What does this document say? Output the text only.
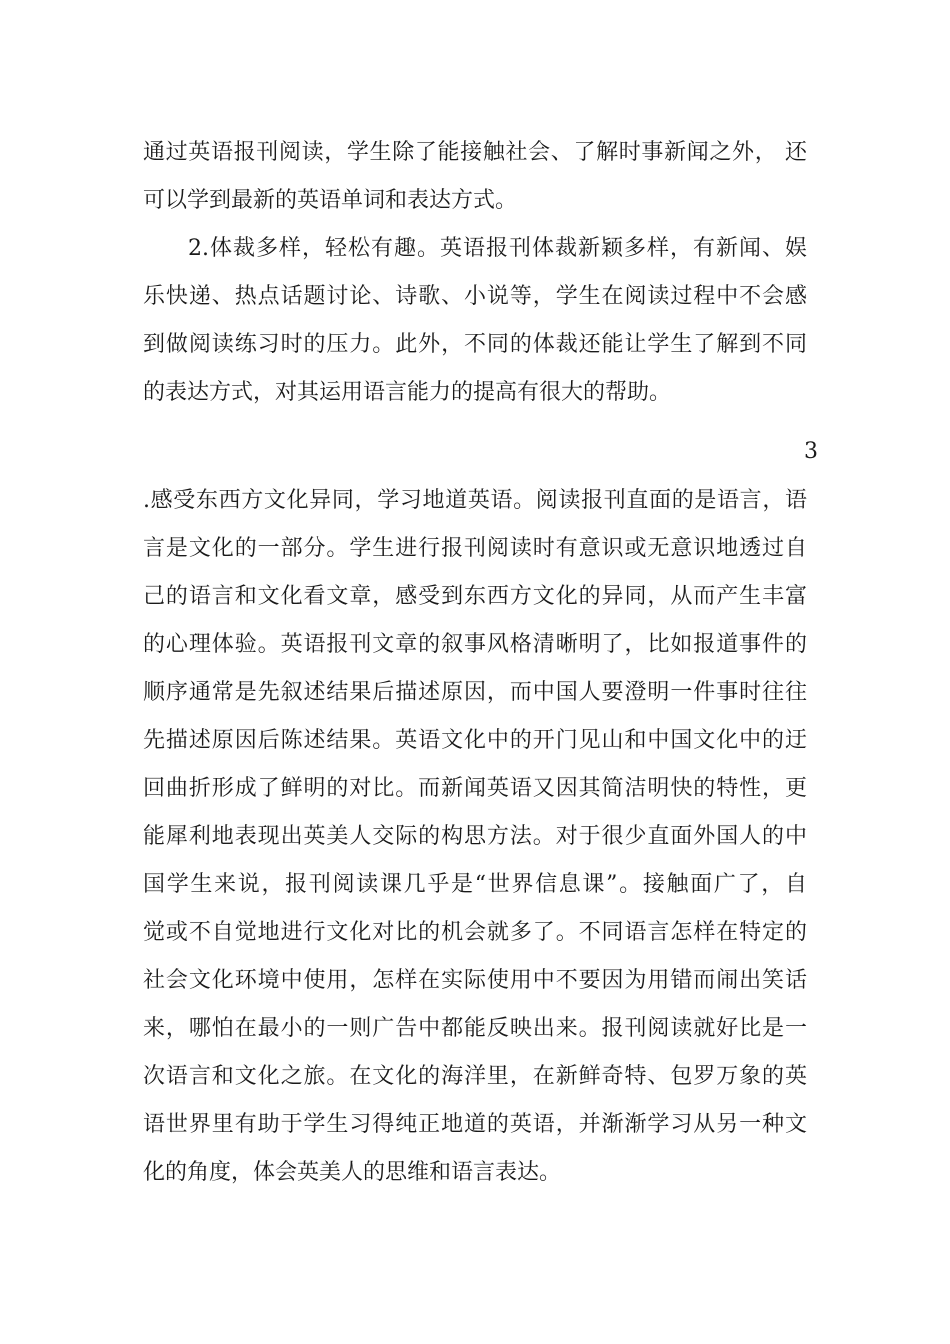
通过英语报刊阅读，学生除了能接触社会、了解时事新闻之外， 还
可以学到最新的英语单词和表达方式。
2.体裁多样，轻松有趣。英语报刊体裁新颖多样，有新闻、娱
乐快递、热点话题讨论、诗歌、小说等，学生在阅读过程中不会感
到做阅读练习时的压力。此外，不同的体裁还能让学生了解到不同
的表达方式，对其运用语言能力的提高有很大的帮助。
3
.感受东西方文化异同，学习地道英语。阅读报刊直面的是语言，语
言是文化的一部分。学生进行报刊阅读时有意识或无意识地透过自
己的语言和文化看文章，感受到东西方文化的异同，从而产生丰富
的心理体验。英语报刊文章的叙事风格清晰明了，比如报道事件的
顺序通常是先叙述结果后描述原因，而中国人要澄明一件事时往往
先描述原因后陈述结果。英语文化中的开门见山和中国文化中的迂
回曲折形成了鲜明的对比。而新闻英语又因其简洁明快的特性，更
能犀利地表现出英美人交际的构思方法。对于很少直面外国人的中
国学生来说，报刊阅读课几乎是“世界信息课”。接触面广了，自
觉或不自觉地进行文化对比的机会就多了。不同语言怎样在特定的
社会文化环境中使用，怎样在实际使用中不要因为用错而闹出笑话
来，哪怕在最小的一则广告中都能反映出来。报刊阅读就好比是一
次语言和文化之旅。在文化的海洋里，在新鲜奇特、包罗万象的英
语世界里有助于学生习得纯正地道的英语，并渐渐学习从另一种文
化的角度，体会英美人的思维和语言表达。
